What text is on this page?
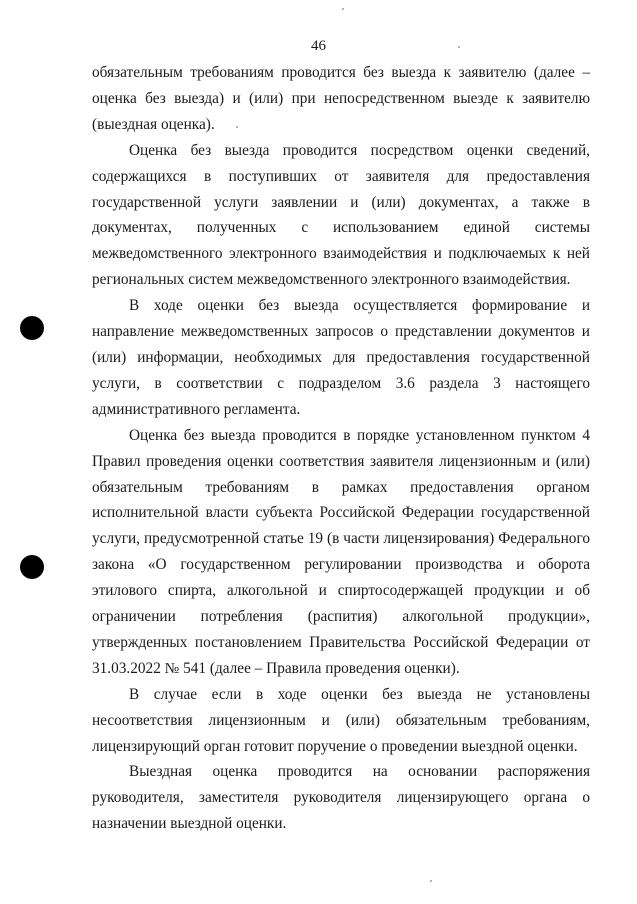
46

обязательным требованиям проводится без выезда к заявителю (далее – оценка без выезда) и (или) при непосредственном выезде к заявителю (выездная оценка).

Оценка без выезда проводится посредством оценки сведений, содержащихся в поступивших от заявителя для предоставления государственной услуги заявлении и (или) документах, а также в документах, полученных с использованием единой системы межведомственного электронного взаимодействия и подключаемых к ней региональных систем межведомственного электронного взаимодействия.

В ходе оценки без выезда осуществляется формирование и направление межведомственных запросов о представлении документов и (или) информации, необходимых для предоставления государственной услуги, в соответствии с подразделом 3.6 раздела 3 настоящего административного регламента.

Оценка без выезда проводится в порядке установленном пунктом 4 Правил проведения оценки соответствия заявителя лицензионным и (или) обязательным требованиям в рамках предоставления органом исполнительной власти субъекта Российской Федерации государственной услуги, предусмотренной статье 19 (в части лицензирования) Федерального закона «О государственном регулировании производства и оборота этилового спирта, алкогольной и спиртосодержащей продукции и об ограничении потребления (распития) алкогольной продукции», утвержденных постановлением Правительства Российской Федерации от 31.03.2022 № 541 (далее – Правила проведения оценки).

В случае если в ходе оценки без выезда не установлены несоответствия лицензионным и (или) обязательным требованиям, лицензирующий орган готовит поручение о проведении выездной оценки.

Выездная оценка проводится на основании распоряжения руководителя, заместителя руководителя лицензирующего органа о назначении выездной оценки.
